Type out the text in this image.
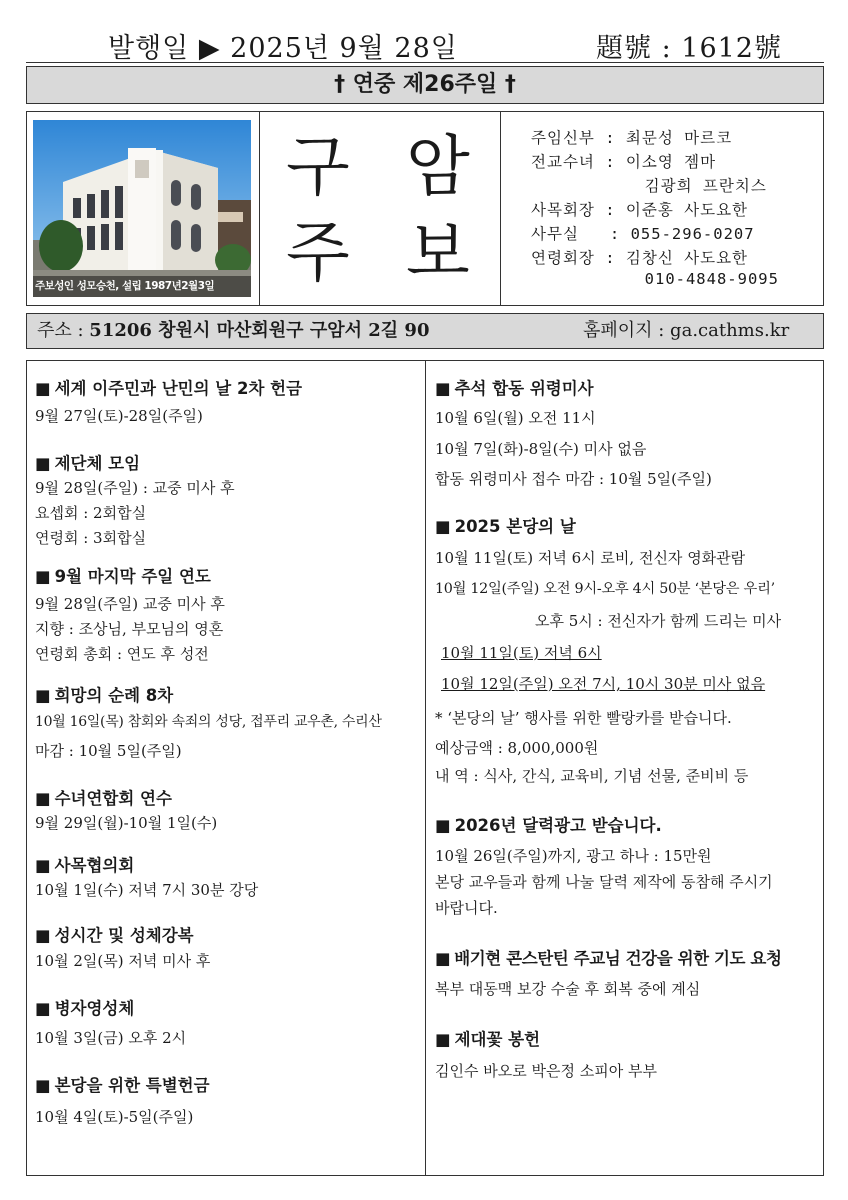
발행일 ▶ 2025년 9월 28일	題號 : 1612號
† 연중 제26주일 †
주보성인 성모승천, 설립 1987년2월3일
구 암
주 보
주임신부 : 최문성 마르코
전교수녀 : 이소영 젬마
김광희 프란치스
사목회장 : 이준홍 사도요한
사무실   : 055-296-0207
연령회장 : 김창신 사도요한
010-4848-9095
주소 : 51206 창원시 마산회원구 구암서 2길 90	홈페이지 : ga.cathms.kr
■ 세계 이주민과 난민의 날 2차 헌금
9월 27일(토)-28일(주일)
■ 제단체 모임
9월 28일(주일) : 교중 미사 후
요셉회 : 2회합실
연령회 : 3회합실
■ 9월 마지막 주일 연도
9월 28일(주일) 교중 미사 후
지향 : 조상님, 부모님의 영혼
연령회 총회 : 연도 후 성전
■ 희망의 순례 8차
10월 16일(목) 참회와 속죄의 성당, 접푸리 교우촌, 수리산
마감 : 10월 5일(주일)
■ 수녀연합회 연수
9월 29일(월)-10월 1일(수)
■ 사목협의회
10월 1일(수) 저녁 7시 30분 강당
■ 성시간 및 성체강복
10월 2일(목) 저녁 미사 후
■ 병자영성체
10월 3일(금) 오후 2시
■ 본당을 위한 특별헌금
10월 4일(토)-5일(주일)
■ 추석 합동 위령미사
10월 6일(월) 오전 11시
10월 7일(화)-8일(수) 미사 없음
합동 위령미사 접수 마감 : 10월 5일(주일)
■ 2025 본당의 날
10월 11일(토) 저녁 6시 로비, 전신자 영화관람
10월 12일(주일) 오전 9시-오후 4시 50분 ‘본당은 우리’
오후 5시 : 전신자가 함께 드리는 미사
10월 11일(토) 저녁 6시
10월 12일(주일) 오전 7시, 10시 30분 미사 없음
* ‘본당의 날’ 행사를 위한 빨랑카를 받습니다.
예상금액 : 8,000,000원
내 역 : 식사, 간식, 교육비, 기념 선물, 준비비 등
■ 2026년 달력광고 받습니다.
10월 26일(주일)까지, 광고 하나 : 15만원
본당 교우들과 함께 나눌 달력 제작에 동참해 주시기
바랍니다.
■ 배기현 콘스탄틴 주교님 건강을 위한 기도 요청
복부 대동맥 보강 수술 후 회복 중에 계심
■ 제대꽃 봉헌
김인수 바오로 박은정 소피아 부부
